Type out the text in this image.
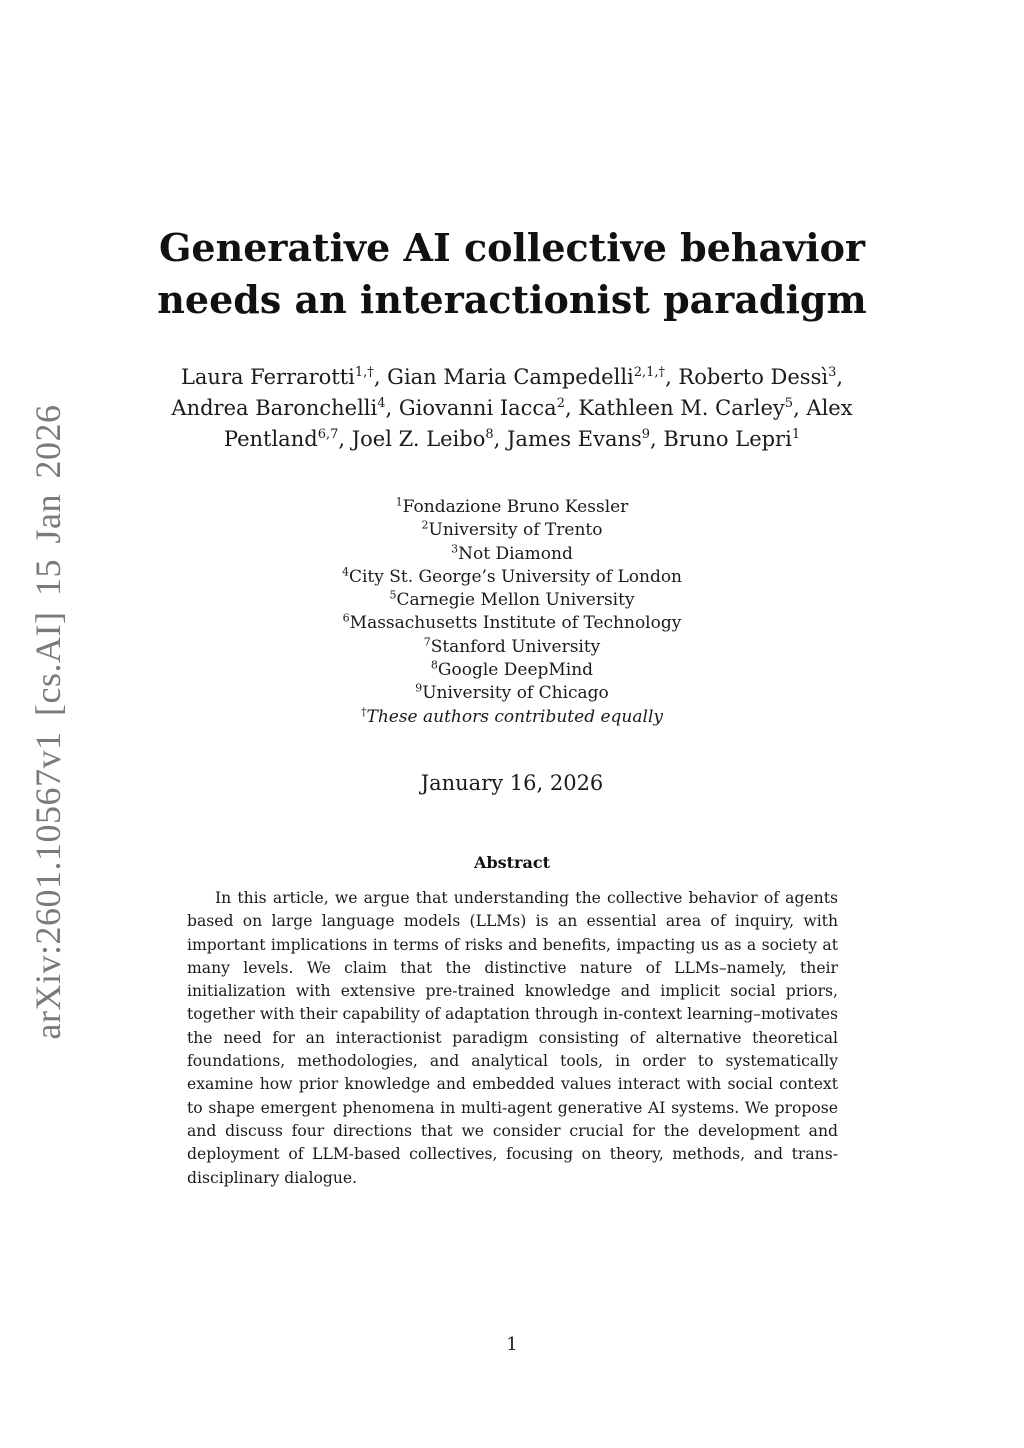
arXiv:2601.10567v1 [cs.AI] 15 Jan 2026
Generative AI collective behavior
needs an interactionist paradigm
Laura Ferrarotti$^{1,\dagger}$, Gian Maria Campedelli$^{2,1,\dagger}$, Roberto Dessì$^3$,
Andrea Baronchelli$^4$, Giovanni Iacca$^2$, Kathleen M. Carley$^5$, Alex Pentland$^{6,7}$, Joel Z. Leibo$^8$, James Evans$^9$, Bruno Lepri$^1$
$^1$Fondazione Bruno Kessler
$^2$University of Trento
$^3$Not Diamond
$^4$City St. George’s University of London
$^5$Carnegie Mellon University
$^6$Massachusetts Institute of Technology
$^7$Stanford University
$^8$Google DeepMind
$^9$University of Chicago
†These authors contributed equally
January 16, 2026
Abstract

In this article, we argue that understanding the collective behavior of agents based on large language models (LLMs) is an essential area of inquiry, with important implications in terms of risks and benefits, impacting us as a society at many levels. We claim that the distinctive nature of LLMs–namely, their initialization with extensive pre-trained knowledge and implicit social priors, together with their capability of adaptation through in-context learning–motivates the need for an interactionist paradigm consisting of alternative theoretical foundations, methodologies, and analytical tools, in order to systematically examine how prior knowledge and embedded values interact with social context to shape emergent phenomena in multi-agent generative AI systems. We propose and discuss four directions that we consider crucial for the development and deployment of LLM-based collectives, focusing on theory, methods, and trans-disciplinary dialogue.

1
